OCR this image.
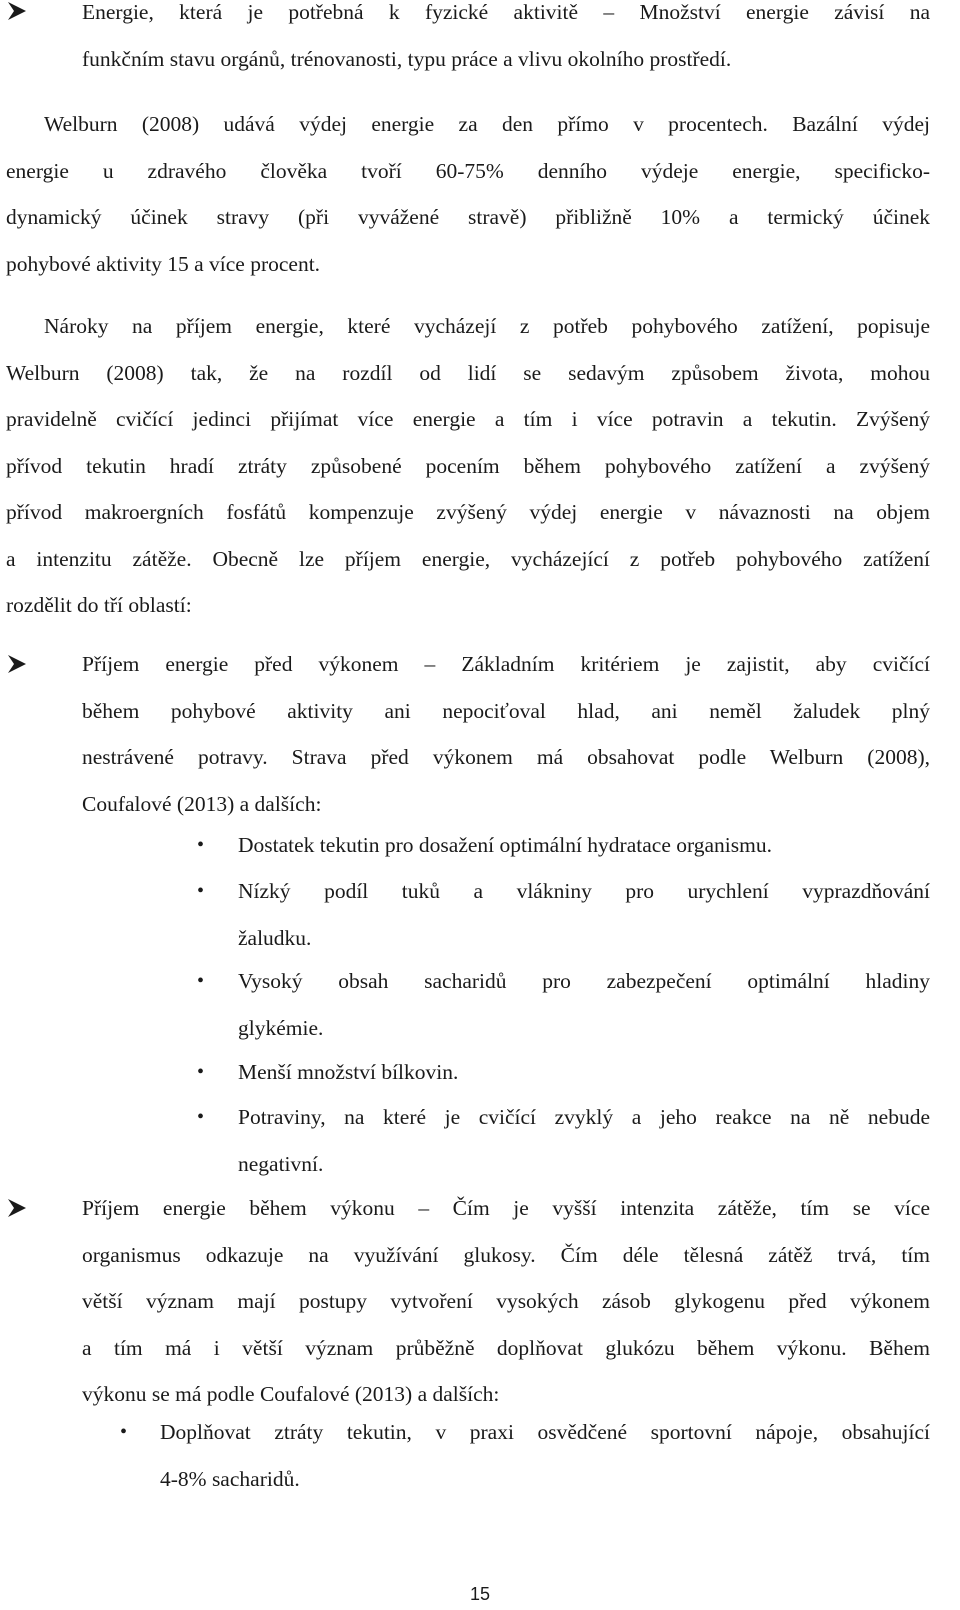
Energie, která je potřebná k fyzické aktivitě – Množství energie závisí na
funkčním stavu orgánů, trénovanosti, typu práce a vlivu okolního prostředí.
Welburn (2008) udává výdej energie za den přímo v procentech. Bazální výdej
energie u zdravého člověka tvoří 60-75% denního výdeje energie, specificko-
dynamický účinek stravy (při vyvážené stravě) přibližně 10% a termický účinek
pohybové aktivity 15 a více procent.
Nároky na příjem energie, které vycházejí z potřeb pohybového zatížení, popisuje
Welburn (2008) tak, že na rozdíl od lidí se sedavým způsobem života, mohou
pravidelně cvičící jedinci přijímat více energie a tím i více potravin a tekutin. Zvýšený
přívod tekutin hradí ztráty způsobené pocením během pohybového zatížení a zvýšený
přívod makroergních fosfátů kompenzuje zvýšený výdej energie v návaznosti na objem
a intenzitu zátěže. Obecně lze příjem energie, vycházející z potřeb pohybového zatížení
rozdělit do tří oblastí:
Příjem energie před výkonem – Základním kritériem je zajistit, aby cvičící
během pohybové aktivity ani nepociťoval hlad, ani neměl žaludek plný
nestrávené potravy. Strava před výkonem má obsahovat podle Welburn (2008),
Coufalové (2013) a dalších:
• Dostatek tekutin pro dosažení optimální hydratace organismu.
• Nízký podíl tuků a vlákniny pro urychlení vyprazdňování
žaludku.
• Vysoký obsah sacharidů pro zabezpečení optimální hladiny
glykémie.
• Menší množství bílkovin.
• Potraviny, na které je cvičící zvyklý a jeho reakce na ně nebude
negativní.
Příjem energie během výkonu – Čím je vyšší intenzita zátěže, tím se více
organismus odkazuje na využívání glukosy. Čím déle tělesná zátěž trvá, tím
větší význam mají postupy vytvoření vysokých zásob glykogenu před výkonem
a tím má i větší význam průběžně doplňovat glukózu během výkonu. Během
výkonu se má podle Coufalové (2013) a dalších:
• Doplňovat ztráty tekutin, v praxi osvědčené sportovní nápoje, obsahující
4-8% sacharidů.
15
